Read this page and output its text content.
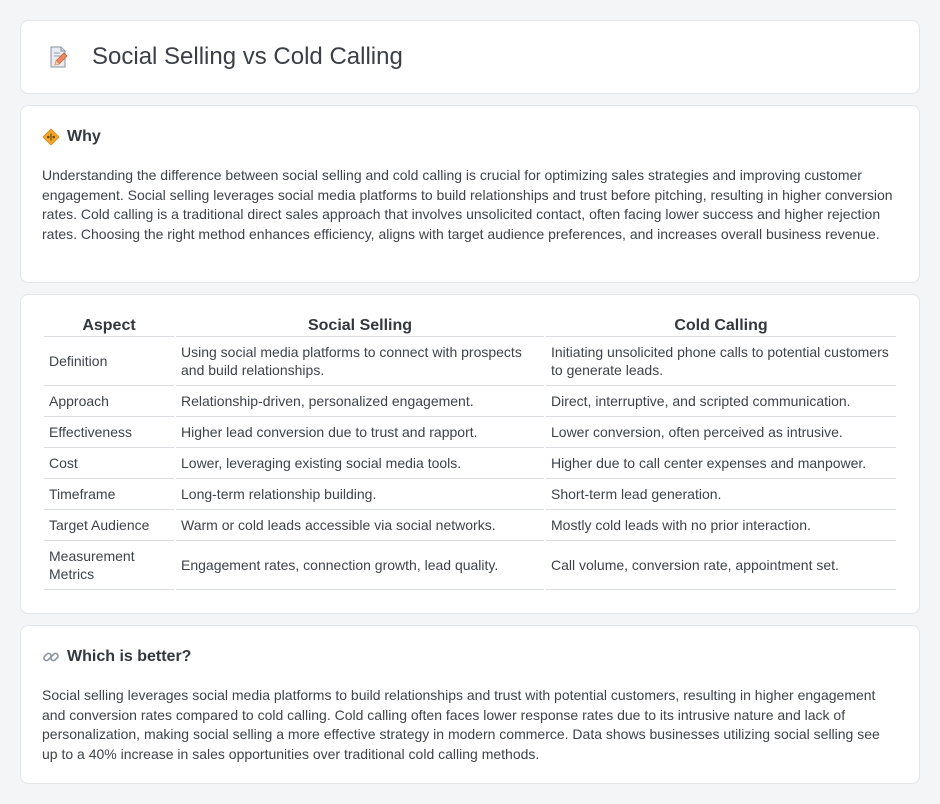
Social Selling vs Cold Calling
Why

Understanding the difference between social selling and cold calling is crucial for optimizing sales strategies and improving customer engagement. Social selling leverages social media platforms to build relationships and trust before pitching, resulting in higher conversion rates. Cold calling is a traditional direct sales approach that involves unsolicited contact, often facing lower success and higher rejection rates. Choosing the right method enhances efficiency, aligns with target audience preferences, and increases overall business revenue.

Aspect	Social Selling	Cold Calling
Definition	Using social media platforms to connect with prospects and build relationships.	Initiating unsolicited phone calls to potential customers to generate leads.
Approach	Relationship-driven, personalized engagement.	Direct, interruptive, and scripted communication.
Effectiveness	Higher lead conversion due to trust and rapport.	Lower conversion, often perceived as intrusive.
Cost	Lower, leveraging existing social media tools.	Higher due to call center expenses and manpower.
Timeframe	Long-term relationship building.	Short-term lead generation.
Target Audience	Warm or cold leads accessible via social networks.	Mostly cold leads with no prior interaction.
Measurement Metrics	Engagement rates, connection growth, lead quality.	Call volume, conversion rate, appointment set.
Which is better?

Social selling leverages social media platforms to build relationships and trust with potential customers, resulting in higher engagement and conversion rates compared to cold calling. Cold calling often faces lower response rates due to its intrusive nature and lack of personalization, making social selling a more effective strategy in modern commerce. Data shows businesses utilizing social selling see up to a 40% increase in sales opportunities over traditional cold calling methods.
